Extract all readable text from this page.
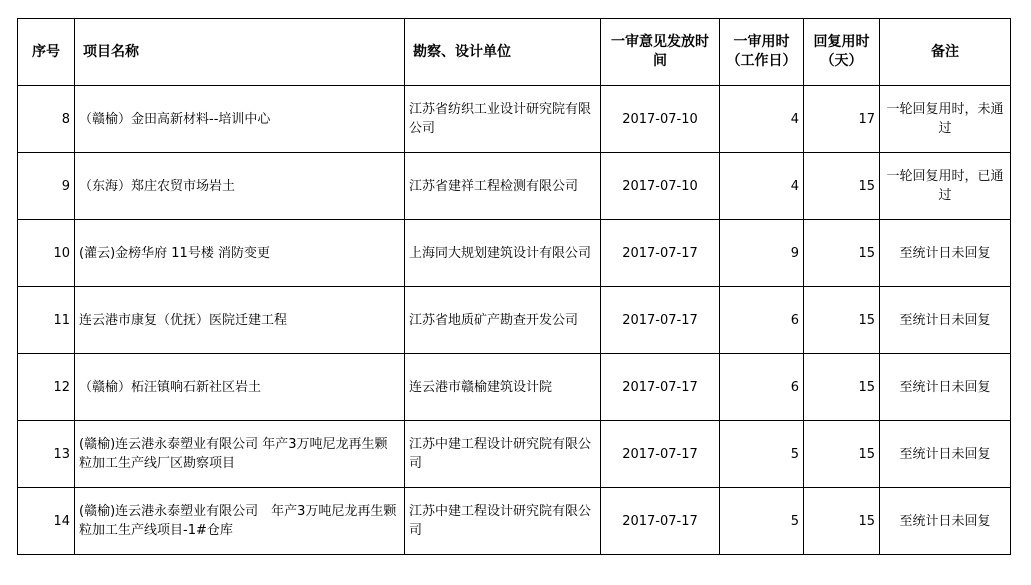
序号	项目名称	勘察、设计单位	一审意见发放时间	一审用时（工作日）	回复用时（天）	备注
8	（赣榆）金田高新材料--培训中心	江苏省纺织工业设计研究院有限公司	2017-07-10	4	17	一轮回复用时，未通过
9	（东海）郑庄农贸市场岩土	江苏省建祥工程检测有限公司	2017-07-10	4	15	一轮回复用时，已通过
10	(灌云)金榜华府 11号楼 消防变更	上海同大规划建筑设计有限公司	2017-07-17	9	15	至统计日未回复
11	连云港市康复（优抚）医院迁建工程	江苏省地质矿产勘查开发公司	2017-07-17	6	15	至统计日未回复
12	（赣榆）柘汪镇响石新社区岩土	连云港市赣榆建筑设计院	2017-07-17	6	15	至统计日未回复
13	(赣榆)连云港永泰塑业有限公司 年产3万吨尼龙再生颗粒加工生产线厂区勘察项目	江苏中建工程设计研究院有限公司	2017-07-17	5	15	至统计日未回复
14	(赣榆)连云港永泰塑业有限公司　年产3万吨尼龙再生颗粒加工生产线项目-1#仓库	江苏中建工程设计研究院有限公司	2017-07-17	5	15	至统计日未回复
